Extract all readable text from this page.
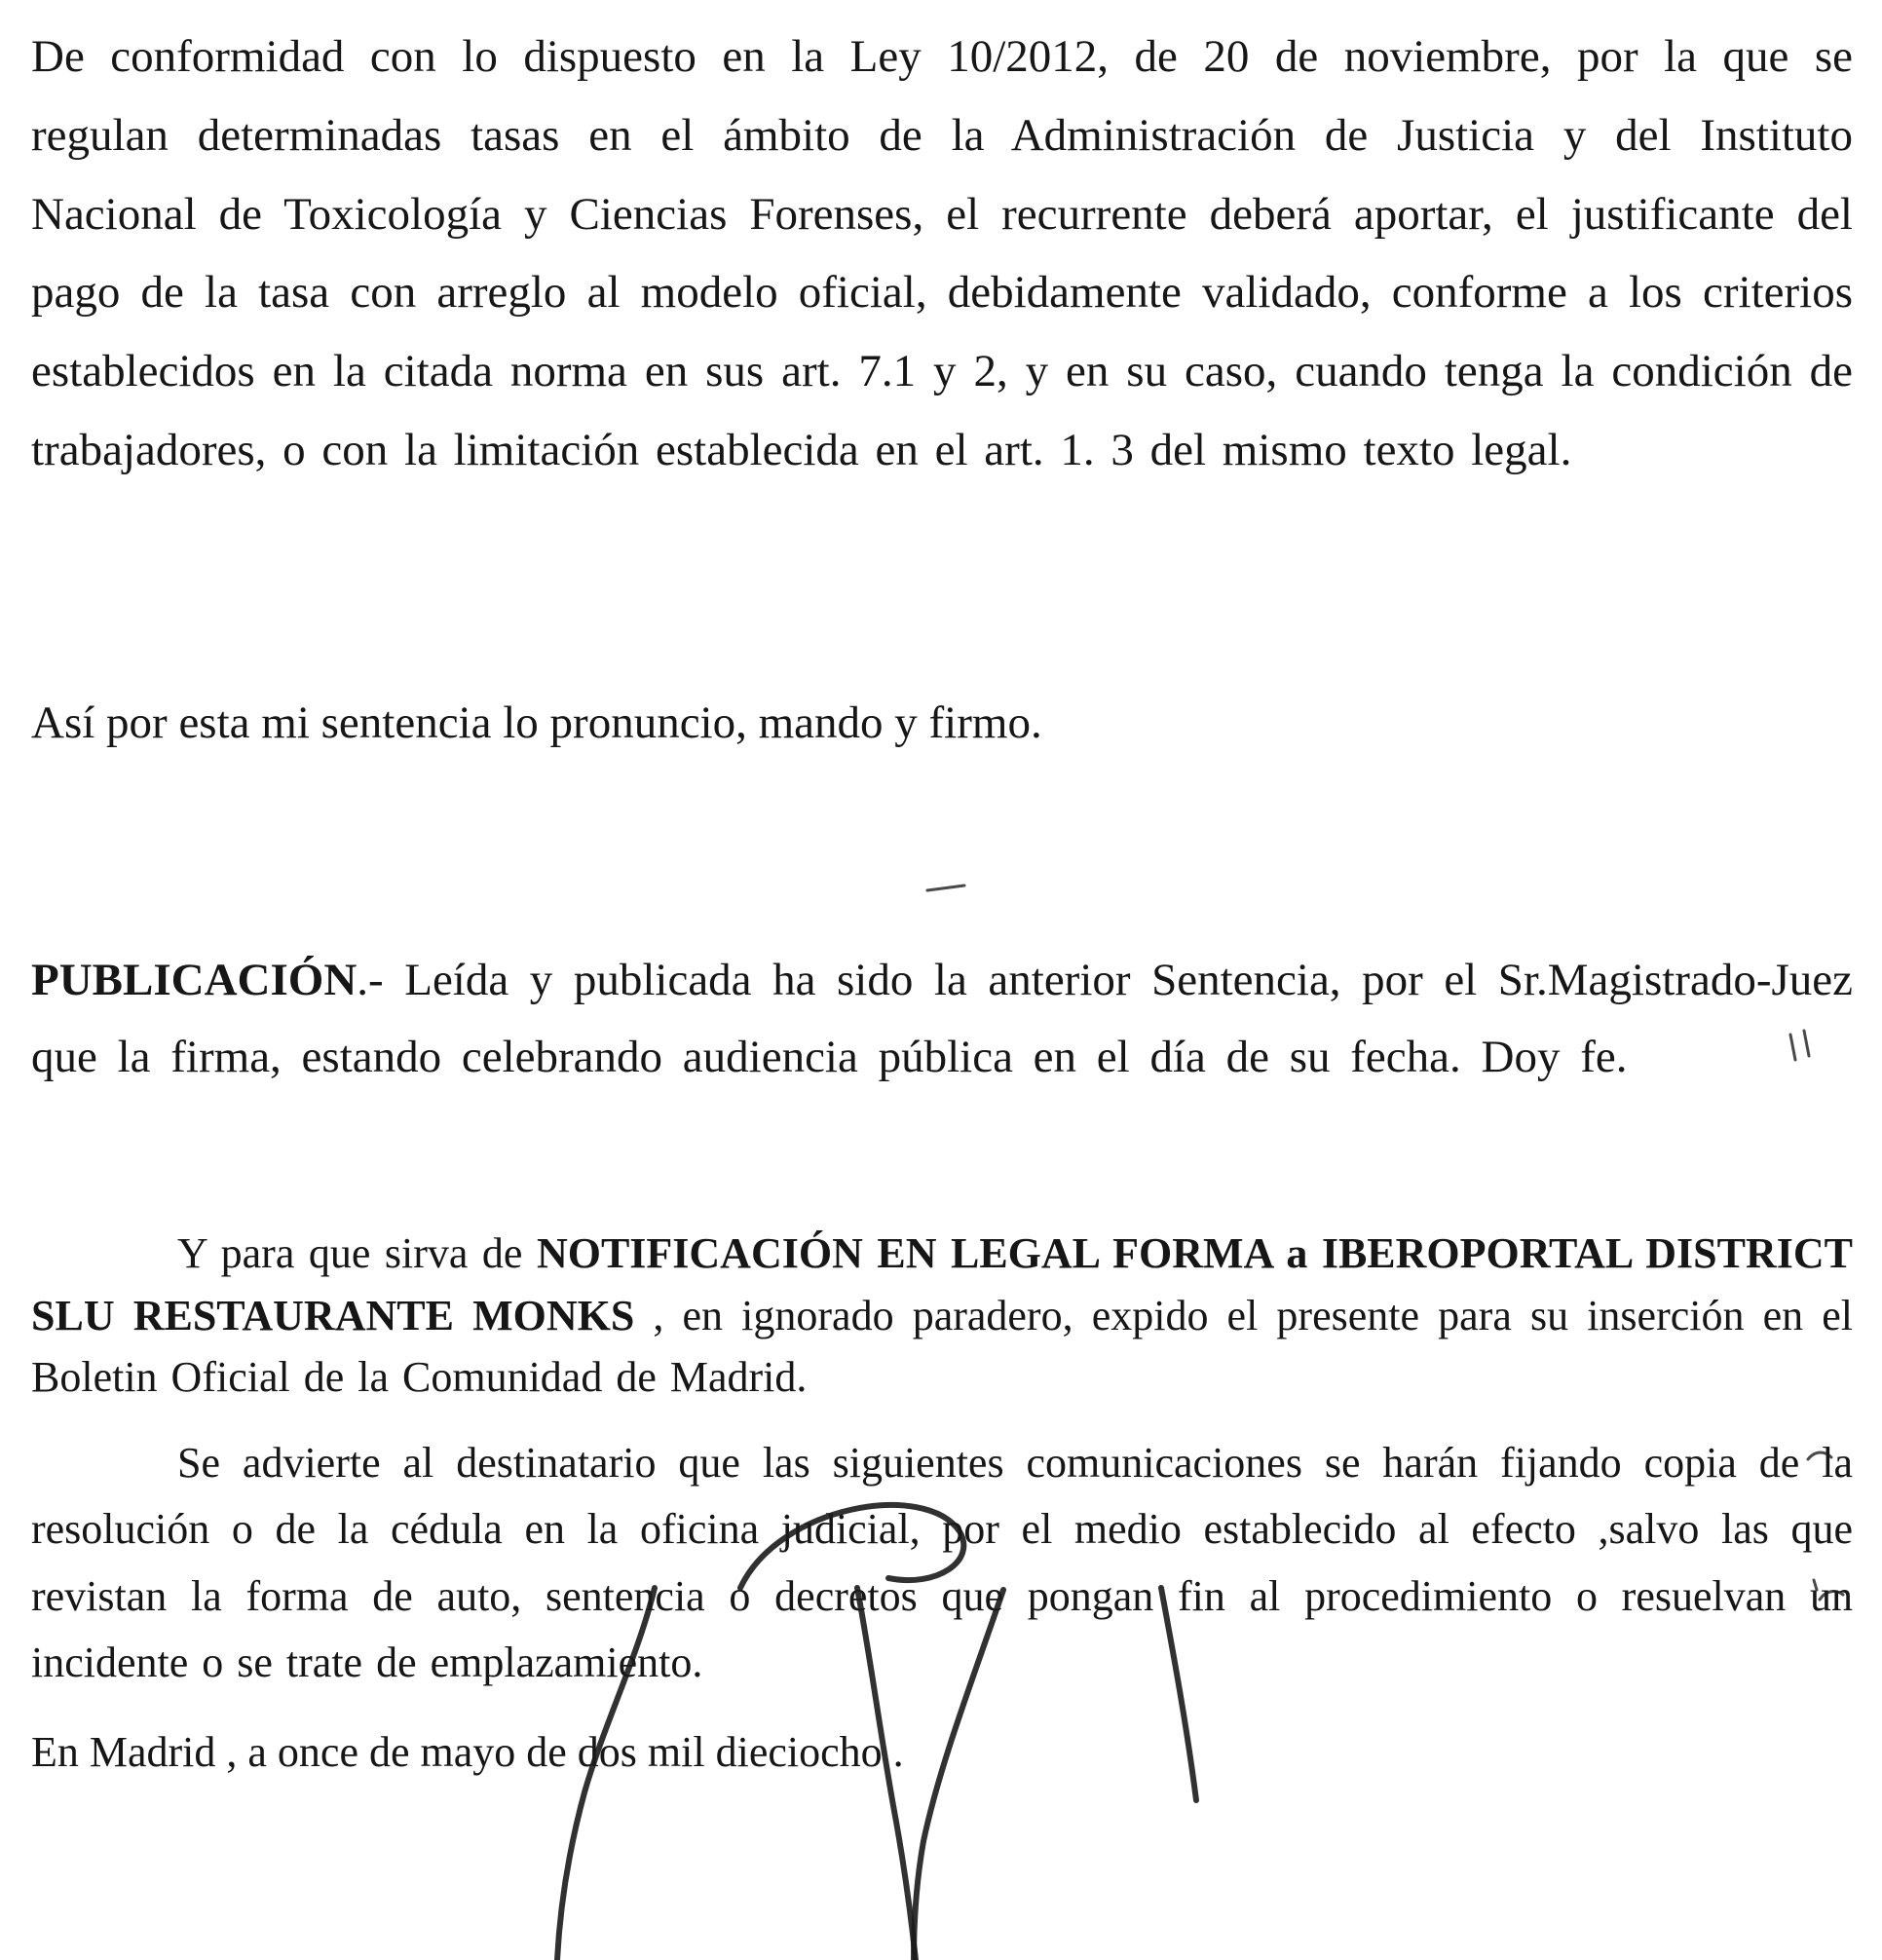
De conformidad con lo dispuesto en la Ley 10/2012, de 20 de noviembre, por la que se regulan determinadas tasas en el ámbito de la Administración de Justicia y del Instituto Nacional de Toxicología y Ciencias Forenses, el recurrente deberá aportar, el justificante del pago de la tasa con arreglo al modelo oficial, debidamente validado, conforme a los criterios establecidos en la citada norma en sus art. 7.1 y 2, y en su caso, cuando tenga la condición de trabajadores, o con la limitación establecida en el art. 1. 3 del mismo texto legal.

Así por esta mi sentencia lo pronuncio, mando y firmo.

PUBLICACIÓN.- Leída y publicada ha sido la anterior Sentencia, por el Sr.Magistrado-Juez que la firma, estando celebrando audiencia pública en el día de su fecha. Doy fe.

Y para que sirva de NOTIFICACIÓN EN LEGAL FORMA a IBEROPORTAL DISTRICT SLU RESTAURANTE MONKS , en ignorado paradero, expido el presente para su inserción en el Boletin Oficial de la Comunidad de Madrid.

Se advierte al destinatario que las siguientes comunicaciones se harán fijando copia de la resolución o de la cédula en la oficina judicial, por el medio establecido al efecto ,salvo las que revistan la forma de auto, sentencia o decretos que pongan fin al procedimiento o resuelvan un incidente o se trate de emplazamiento.

En Madrid , a once de mayo de dos mil dieciocho .
